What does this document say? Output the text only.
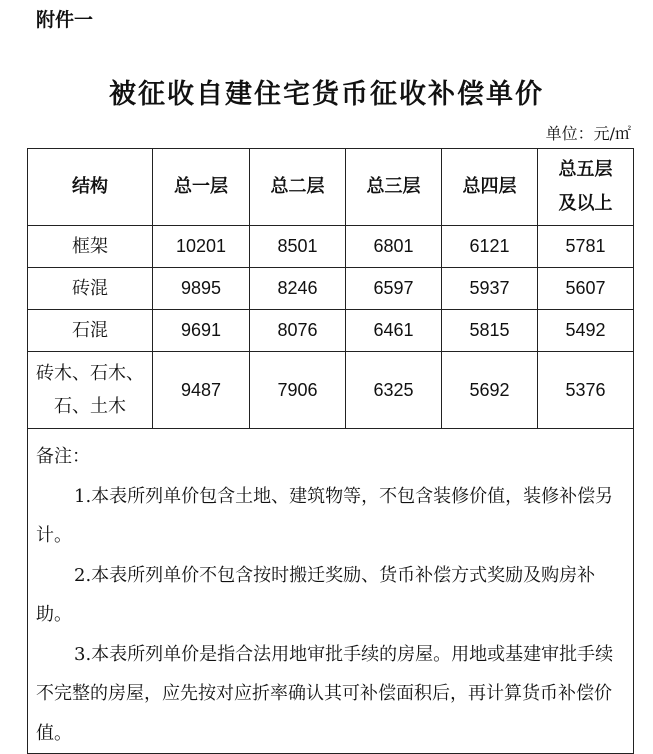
附件一
被征收自建住宅货币征收补偿单价
单位：元/㎡
结构	总一层	总二层	总三层	总四层	总五层及以上
框架	10201	8501	6801	6121	5781
砖混	9895	8246	6597	5937	5607
石混	9691	8076	6461	5815	5492
砖木、石木、石、土木	9487	7906	6325	5692	5376

备注：
1.本表所列单价包含土地、建筑物等，不包含装修价值，装修补偿另计。
2.本表所列单价不包含按时搬迁奖励、货币补偿方式奖励及购房补助。
3.本表所列单价是指合法用地审批手续的房屋。用地或基建审批手续不完整的房屋，应先按对应折率确认其可补偿面积后，再计算货币补偿价值。					
